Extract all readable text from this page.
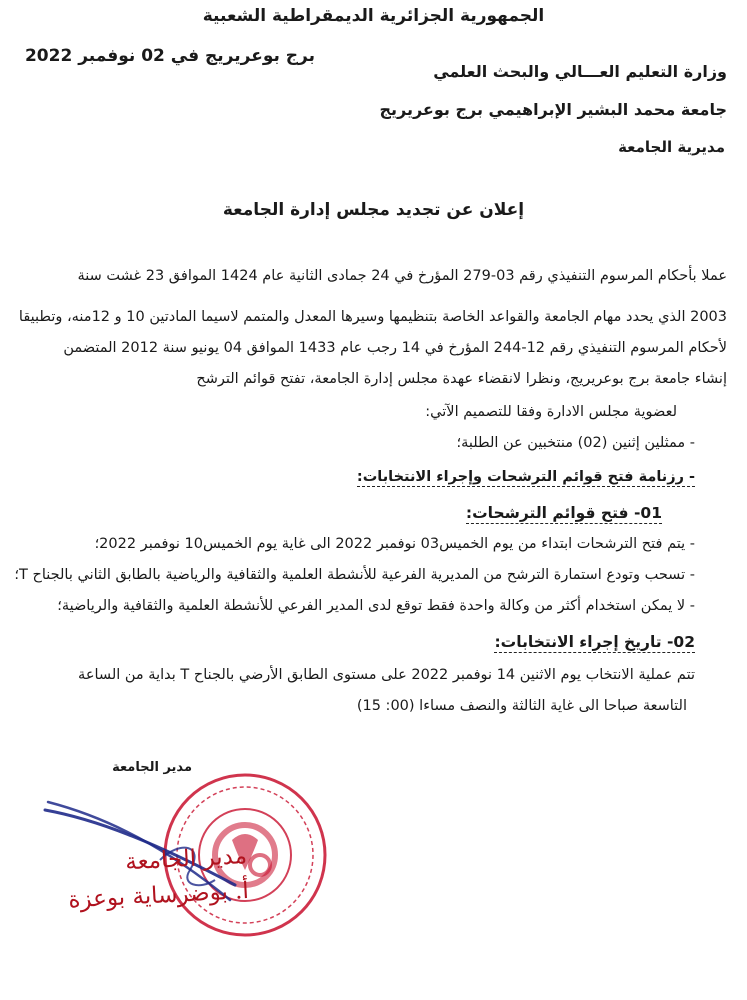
الجمهورية الجزائرية الديمقراطية الشعبية
برج بوعريريج في 02 نوفمبر 2022
وزارة التعليم العـــالي والبحث العلمي
جامعة محمد البشير الإبراهيمي برج بوعريريج
مديرية الجامعة
إعلان عن تجديد مجلس إدارة الجامعة
عملا بأحكام المرسوم التنفيذي رقم 03-279 المؤرخ في 24 جمادى الثانية عام 1424 الموافق 23 غشت سنة
2003 الذي يحدد مهام الجامعة والقواعد الخاصة بتنظيمها وسيرها المعدل والمتمم لاسيما المادتين 10 و 12منه، وتطبيقا
لأحكام المرسوم التنفيذي رقم 12-244 المؤرخ في 14 رجب عام 1433 الموافق 04 يونيو سنة 2012 المتضمن
إنشاء جامعة برج بوعريريج، ونظرا لانقضاء عهدة مجلس إدارة الجامعة، تفتح قوائم الترشح
لعضوية مجلس الادارة وفقا للتصميم الآتي:
- ممثلين إثنين (02) منتخبين عن الطلبة؛
- رزنامة فتح قوائم الترشحات وإجراء الانتخابات:
01- فتح قوائم الترشحات:
- يتم فتح الترشحات ابتداء من يوم الخميس03 نوفمبر 2022 الى غاية يوم الخميس10 نوفمبر 2022؛
- تسحب وتودع استمارة الترشح من المديرية الفرعية للأنشطة العلمية والثقافية والرياضية بالطابق الثاني بالجناح T؛
- لا يمكن استخدام أكثر من وكالة واحدة فقط توقع لدى المدير الفرعي للأنشطة العلمية والثقافية والرياضية؛
02- تاريخ إجراء الانتخابات:
تتم عملية الانتخاب يوم الاثنين 14 نوفمبر 2022 على مستوى الطابق الأرضي بالجناح T بداية من الساعة
التاسعة صباحا الى غاية الثالثة والنصف مساءا (00: 15)
مدير الجامعة
مدير الجامعة
أ. بوضرساية بوعزة
